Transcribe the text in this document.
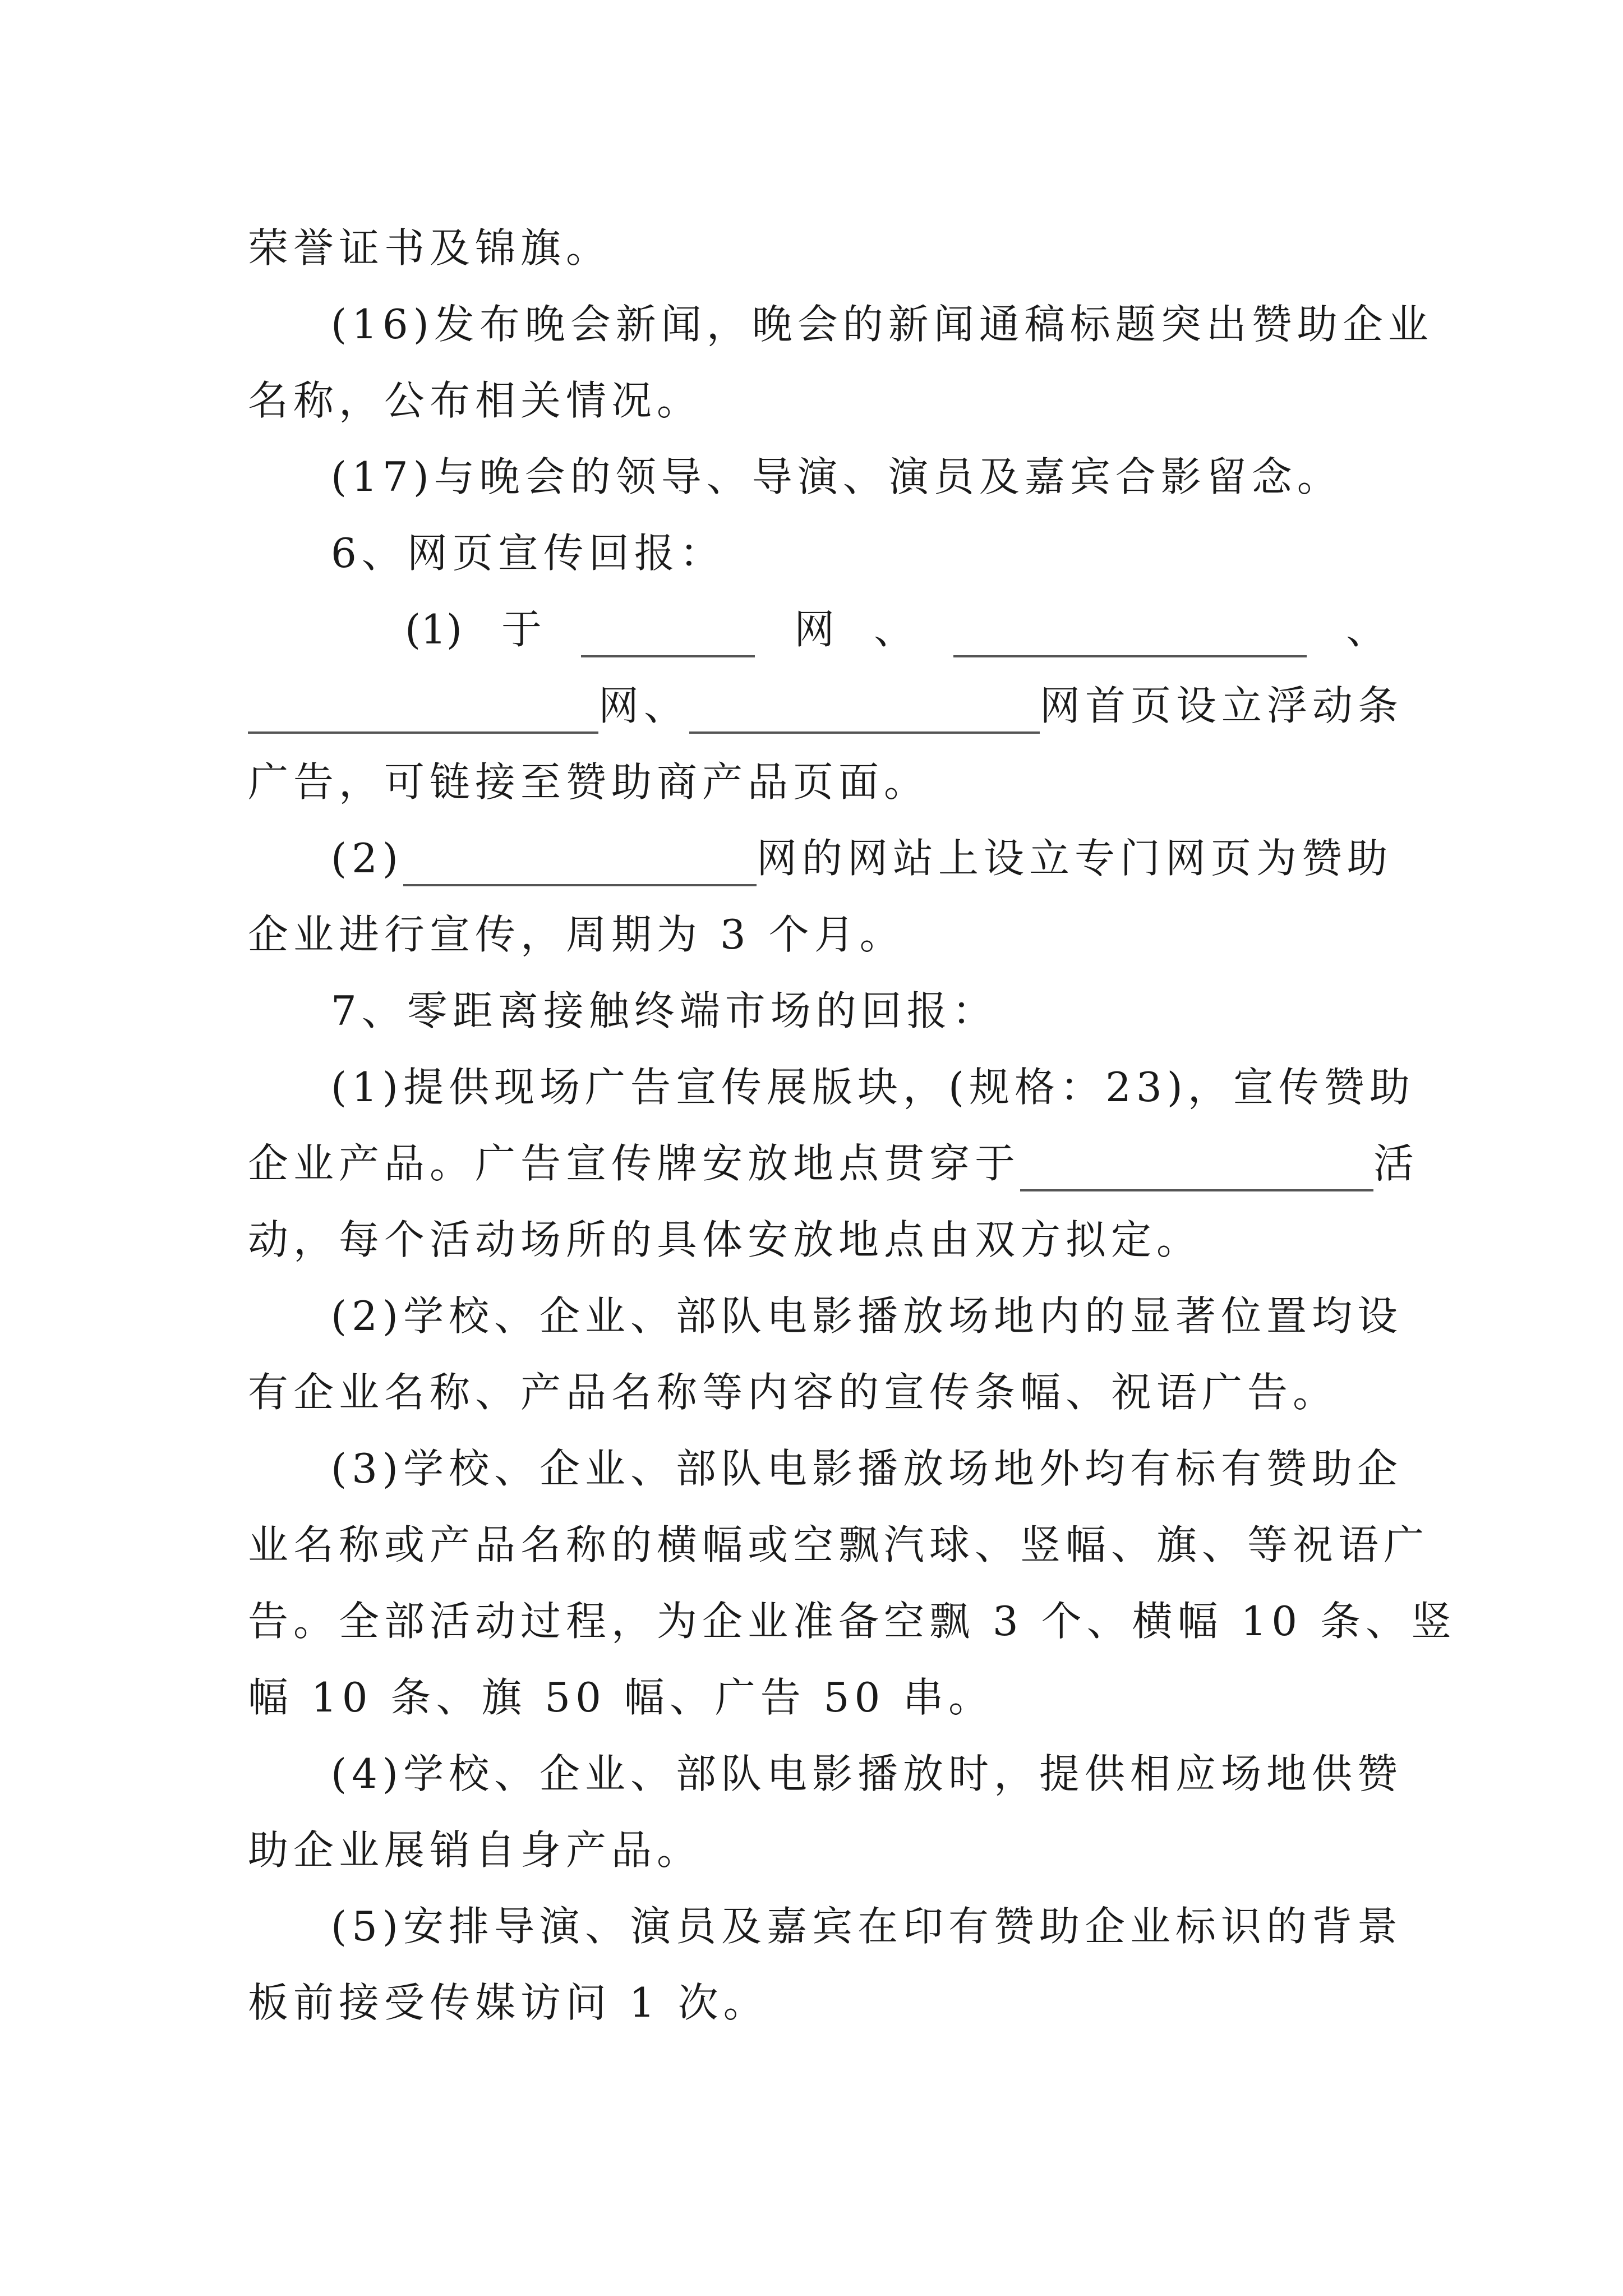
荣誉证书及锦旗。
(16)发布晚会新闻，晚会的新闻通稿标题突出赞助企业
名称，公布相关情况。
(17)与晚会的领导、导演、演员及嘉宾合影留念。
6、网页宣传回报：
(1) 于	网 、	、
网、	网首页设立浮动条
广告，可链接至赞助商产品页面。
(2)	网的网站上设立专门网页为赞助
企业进行宣传，周期为 3 个月。
7、零距离接触终端市场的回报：
(1)提供现场广告宣传展版块，(规格：23)，宣传赞助
企业产品。广告宣传牌安放地点贯穿于	活
动，每个活动场所的具体安放地点由双方拟定。
(2)学校、企业、部队电影播放场地内的显著位置均设
有企业名称、产品名称等内容的宣传条幅、祝语广告。
(3)学校、企业、部队电影播放场地外均有标有赞助企
业名称或产品名称的横幅或空飘汽球、竖幅、旗、等祝语广
告。全部活动过程，为企业准备空飘 3 个、横幅 10 条、竖
幅 10 条、旗 50 幅、广告 50 串。
(4)学校、企业、部队电影播放时，提供相应场地供赞
助企业展销自身产品。
(5)安排导演、演员及嘉宾在印有赞助企业标识的背景
板前接受传媒访问 1 次。
